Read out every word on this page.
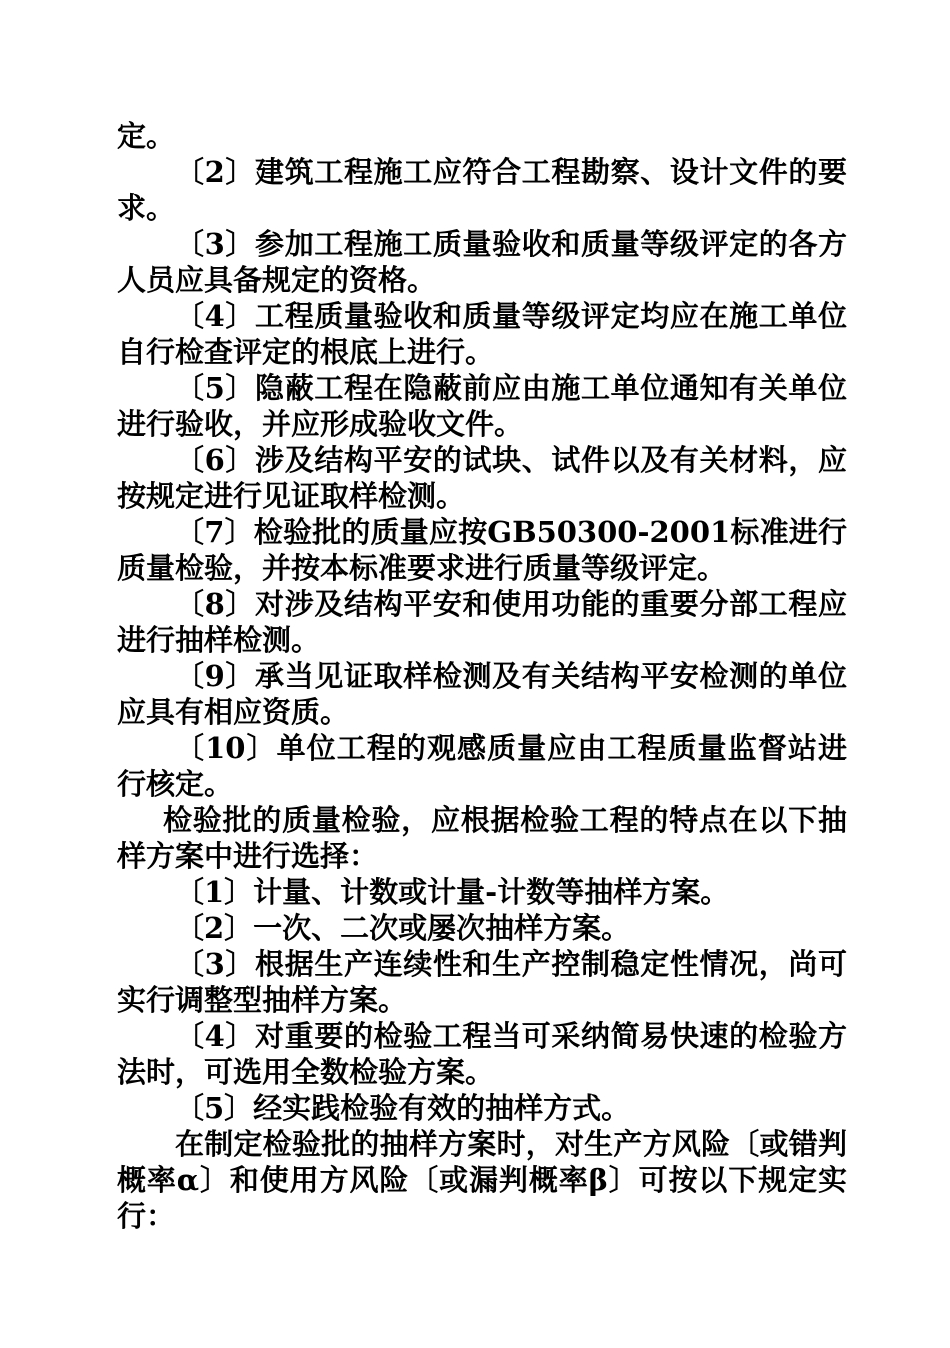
定。

〔2〕建筑工程施工应符合工程勘察、设计文件的要求。

〔3〕参加工程施工质量验收和质量等级评定的各方人员应具备规定的资格。

〔4〕工程质量验收和质量等级评定均应在施工单位自行检查评定的根底上进行。

〔5〕隐蔽工程在隐蔽前应由施工单位通知有关单位进行验收，并应形成验收文件。

〔6〕涉及结构平安的试块、试件以及有关材料，应按规定进行见证取样检测。

〔7〕检验批的质量应按GB50300-2001标准进行质量检验，并按本标准要求进行质量等级评定。

〔8〕对涉及结构平安和使用功能的重要分部工程应进行抽样检测。

〔9〕承当见证取样检测及有关结构平安检测的单位应具有相应资质。

〔10〕单位工程的观感质量应由工程质量监督站进行核定。

检验批的质量检验，应根据检验工程的特点在以下抽样方案中进行选择：

〔1〕计量、计数或计量-计数等抽样方案。

〔2〕一次、二次或屡次抽样方案。

〔3〕根据生产连续性和生产控制稳定性情况，尚可实行调整型抽样方案。

〔4〕对重要的检验工程当可采纳简易快速的检验方法时，可选用全数检验方案。

〔5〕经实践检验有效的抽样方式。

在制定检验批的抽样方案时，对生产方风险〔或错判概率α〕和使用方风险〔或漏判概率β〕可按以下规定实行：
